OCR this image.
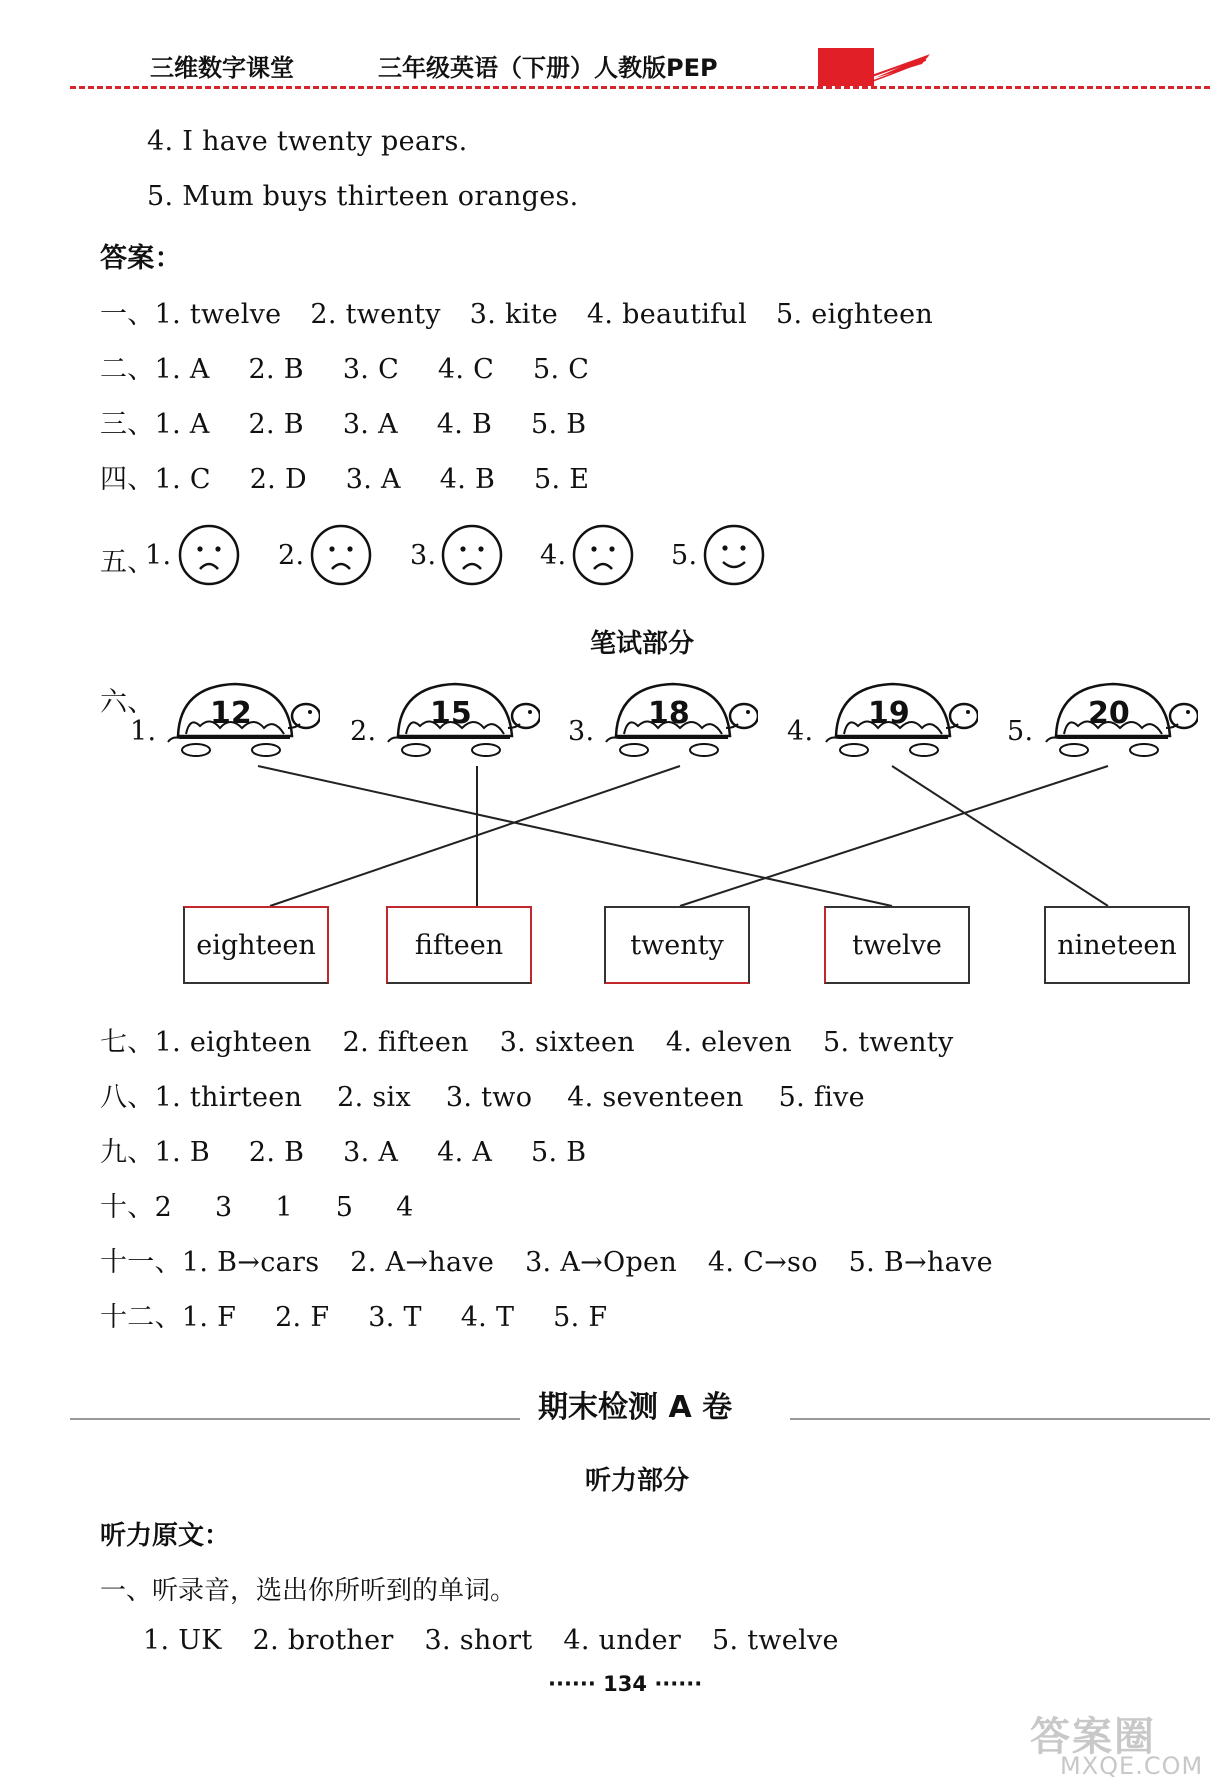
三维数字课堂	三年级英语（下册）人教版PEP
4. I have twenty pears.
5. Mum buys thirteen oranges.
答案：
一、1. twelve 2. twenty 3. kite 4. beautiful 5. eighteen
二、1. A 2. B 3. C 4. C 5. C
三、1. A 2. B 3. A 4. B 5. B
四、1. C 2. D 3. A 4. B 5. E
五、
1.	2.	3.	4.	5.
笔试部分
六、
1.	2.	3.	4.	5.
12	15	18	19	20
eighteen	fifteen	twenty	twelve	nineteen
七、1. eighteen 2. fifteen 3. sixteen 4. eleven 5. twenty
八、1. thirteen 2. six 3. two 4. seventeen 5. five
九、1. B 2. B 3. A 4. A 5. B
十、2 3 1 5 4
十一、1. B→cars 2. A→have 3. A→Open 4. C→so 5. B→have
十二、1. F 2. F 3. T 4. T 5. F
期末检测 A 卷
听力部分
听力原文：
一、听录音，选出你所听到的单词。
1. UK 2. brother 3. short 4. under 5. twelve
······ 134 ······
答案圈
MXQE.COM
